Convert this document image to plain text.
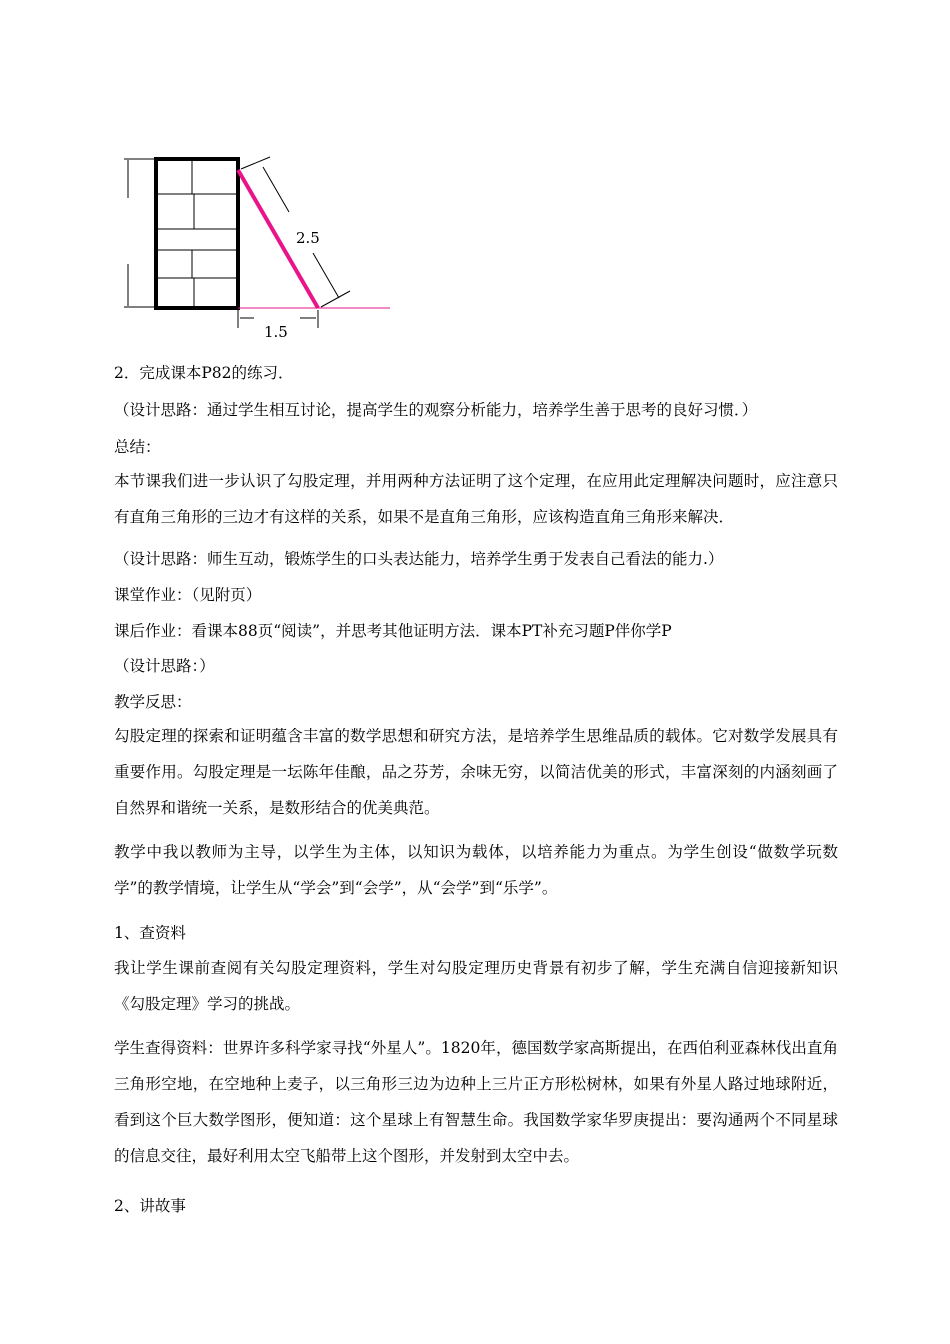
2.5
1.5
2．完成课本P82的练习．
（设计思路：通过学生相互讨论，提高学生的观察分析能力，培养学生善于思考的良好习惯．）
总结：
本节课我们进一步认识了勾股定理，并用两种方法证明了这个定理，在应用此定理解决问题时，应注意只有直角三角形的三边才有这样的关系，如果不是直角三角形，应该构造直角三角形来解决．
（设计思路：师生互动，锻炼学生的口头表达能力，培养学生勇于发表自己看法的能力.）
课堂作业：（见附页）
课后作业：看课本88页“阅读”，并思考其他证明方法．课本PT补充习题P伴你学P
（设计思路：）
教学反思：
勾股定理的探索和证明蕴含丰富的数学思想和研究方法，是培养学生思维品质的载体。它对数学发展具有重要作用。勾股定理是一坛陈年佳酿，品之芬芳，余味无穷，以简洁优美的形式，丰富深刻的内涵刻画了自然界和谐统一关系，是数形结合的优美典范。
教学中我以教师为主导，以学生为主体，以知识为载体，以培养能力为重点。为学生创设“做数学玩数学”的教学情境，让学生从“学会”到“会学”，从“会学”到“乐学”。
1、查资料
我让学生课前查阅有关勾股定理资料，学生对勾股定理历史背景有初步了解，学生充满自信迎接新知识《勾股定理》学习的挑战。
学生查得资料：世界许多科学家寻找“外星人”。1820年，德国数学家高斯提出，在西伯利亚森林伐出直角三角形空地，在空地种上麦子，以三角形三边为边种上三片正方形松树林，如果有外星人路过地球附近，看到这个巨大数学图形，便知道：这个星球上有智慧生命。我国数学家华罗庚提出：要沟通两个不同星球的信息交往，最好利用太空飞船带上这个图形，并发射到太空中去。
2、讲故事
